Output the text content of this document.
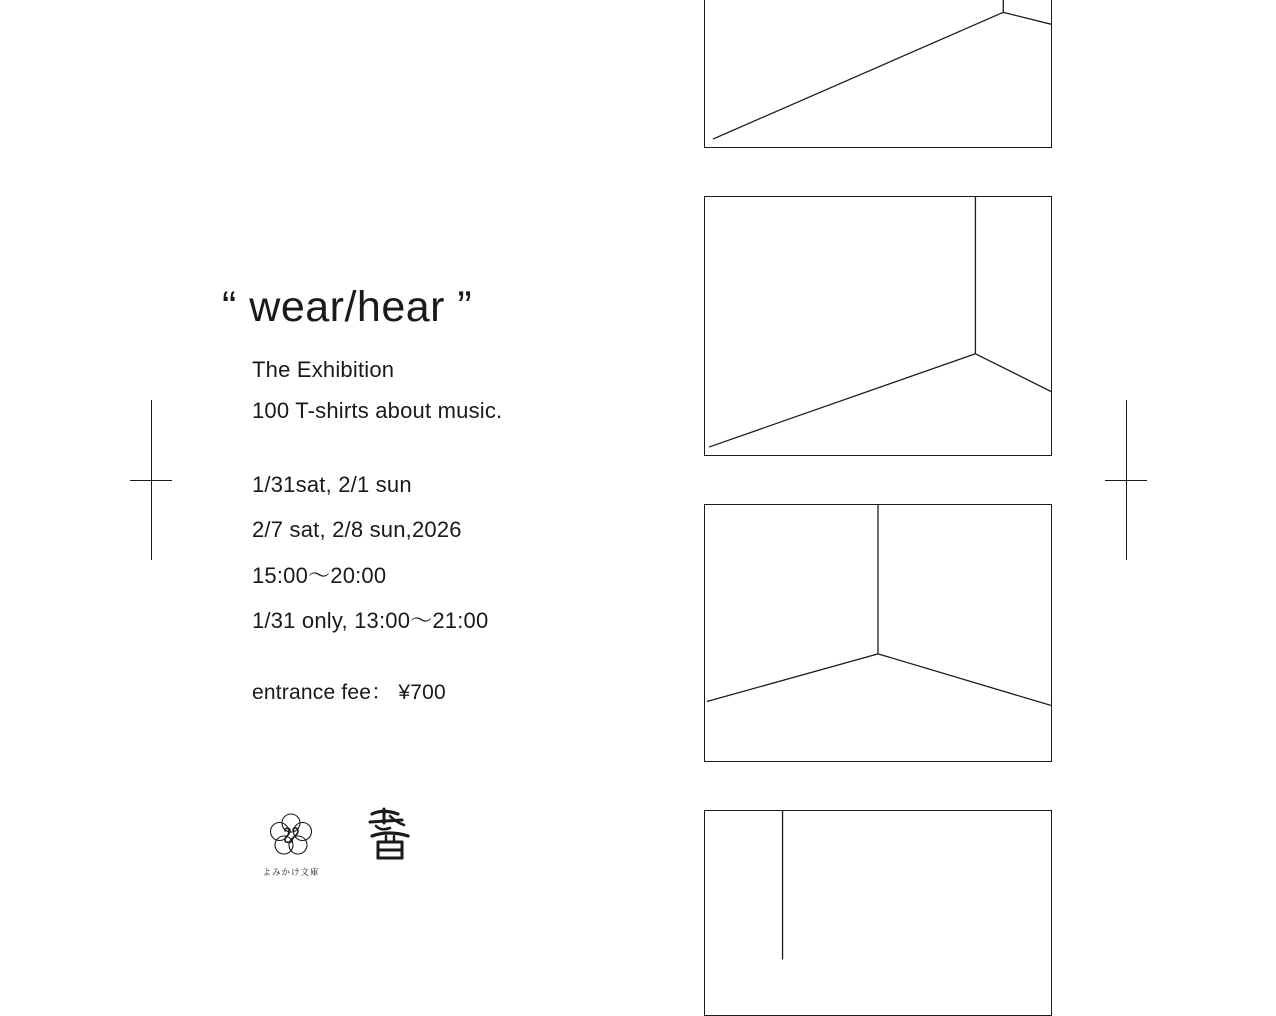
“ wear/hear ”
The Exhibition
100 T-shirts about music.
1/31sat, 2/1 sun
2/7 sat, 2/8 sun,2026
15:00〜20:00
1/31 only, 13:00〜21:00
entrance fee： ¥700
よみかけ文庫
